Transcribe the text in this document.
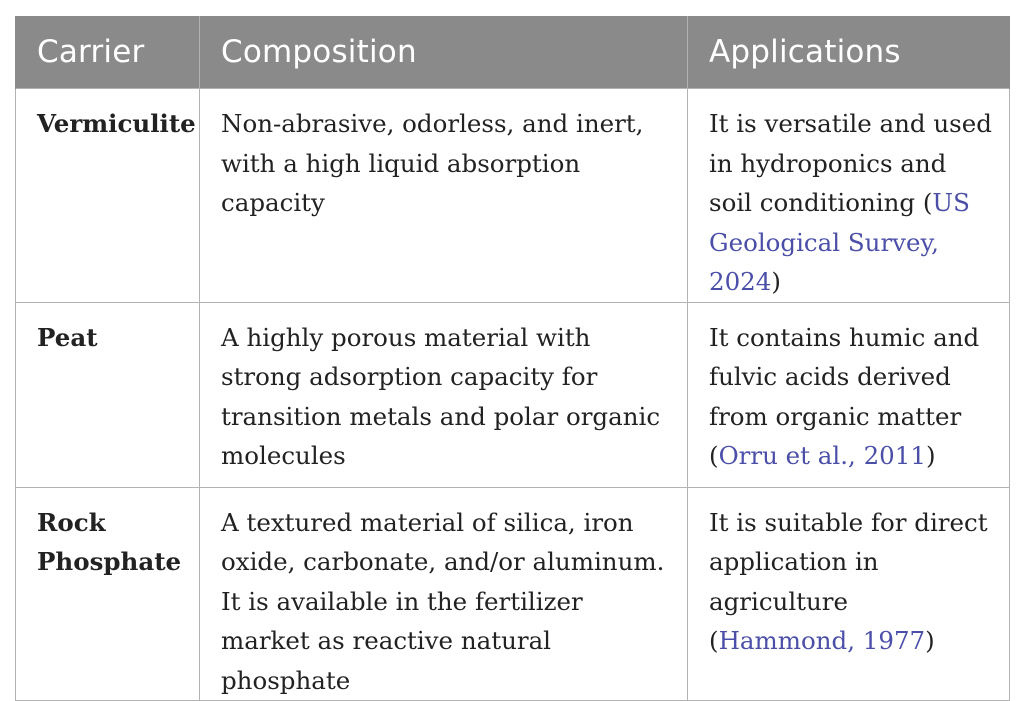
Carrier	Composition	Applications
Vermiculite	Non-abrasive, odorless, and inert, with a high liquid absorption capacity	It is versatile and used in hydroponics and soil conditioning (US Geological Survey, 2024)
Peat	A highly porous material with strong adsorption capacity for transition metals and polar organic molecules	It contains humic and fulvic acids derived from organic matter (Orru et al., 2011)
Rock Phosphate	A textured material of silica, iron oxide, carbonate, and/or aluminum. It is available in the fertilizer market as reactive natural phosphate	It is suitable for direct application in agriculture (Hammond, 1977)
